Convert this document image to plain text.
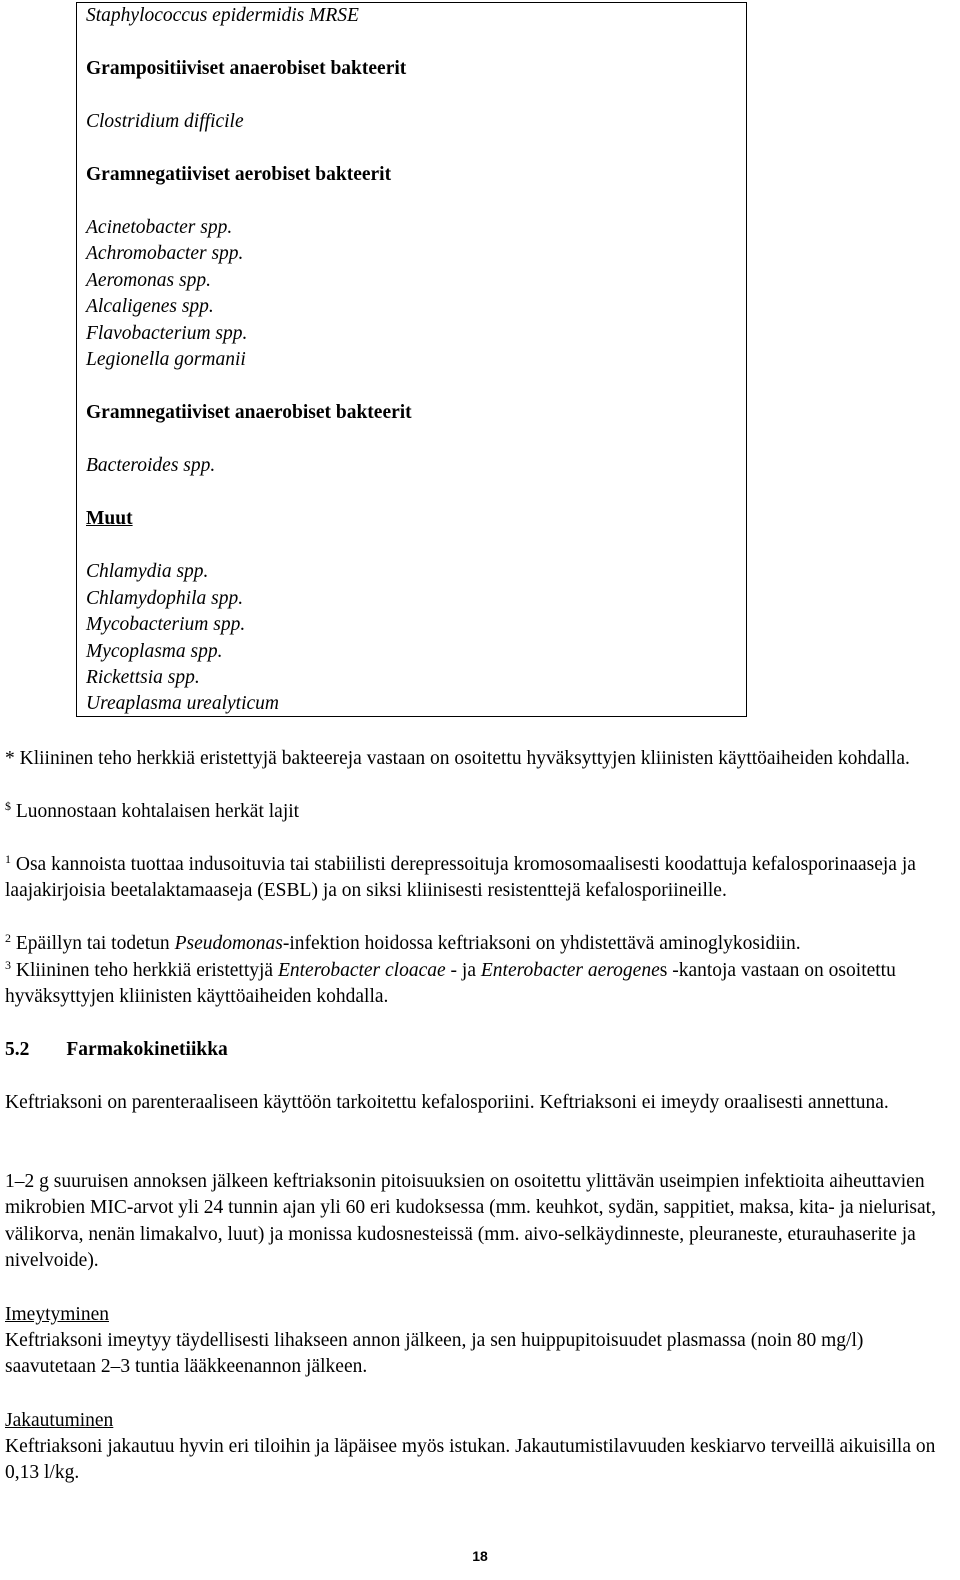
Staphylococcus epidermidis MRSE
Grampositiiviset anaerobiset bakteerit
Clostridium difficile
Gramnegatiiviset aerobiset bakteerit
Acinetobacter spp.
Achromobacter spp.
Aeromonas spp.
Alcaligenes spp.
Flavobacterium spp.
Legionella gormanii
Gramnegatiiviset anaerobiset bakteerit
Bacteroides spp.
Muut
Chlamydia spp.
Chlamydophila spp.
Mycobacterium spp.
Mycoplasma spp.
Rickettsia spp.
Ureaplasma urealyticum
* Kliininen teho herkkiä eristettyjä bakteereja vastaan on osoitettu hyväksyttyjen kliinisten käyttöaiheiden kohdalla.
$ Luonnostaan kohtalaisen herkät lajit
$^1$ Osa kannoista tuottaa indusoituvia tai stabiilisti derepressoituja kromosomaalisesti koodattuja kefalosporinaaseja ja laajakirjoisia beetalaktamaaseja (ESBL) ja on siksi kliinisesti resistenttejä kefalosporiineille.
$^2$ Epäillyn tai todetun Pseudomonas-infektion hoidossa keftriaksoni on yhdistettävä aminoglykosidiin.
$^3$ Kliininen teho herkkiä eristettyjä Enterobacter cloacae - ja Enterobacter aerogenes -kantoja vastaan on osoitettu hyväksyttyjen kliinisten käyttöaiheiden kohdalla.
5.2 Farmakokinetiikka
Keftriaksoni on parenteraaliseen käyttöön tarkoitettu kefalosporiini. Keftriaksoni ei imeydy oraalisesti annettuna.
1–2 g suuruisen annoksen jälkeen keftriaksonin pitoisuuksien on osoitettu ylittävän useimpien infektioita aiheuttavien mikrobien MIC-arvot yli 24 tunnin ajan yli 60 eri kudoksessa (mm. keuhkot, sydän, sappitiet, maksa, kita- ja nielurisat, välikorva, nenän limakalvo, luut) ja monissa kudosnesteissä (mm. aivo-selkäydinneste, pleuraneste, eturauhaserite ja nivelvoide).
Imeytyminen
Keftriaksoni imeytyy täydellisesti lihakseen annon jälkeen, ja sen huippupitoisuudet plasmassa (noin 80 mg/l) saavutetaan 2–3 tuntia lääkkeenannon jälkeen.
Jakautuminen
Keftriaksoni jakautuu hyvin eri tiloihin ja läpäisee myös istukan. Jakautumistilavuuden keskiarvo terveillä aikuisilla on 0,13 l/kg.
18
